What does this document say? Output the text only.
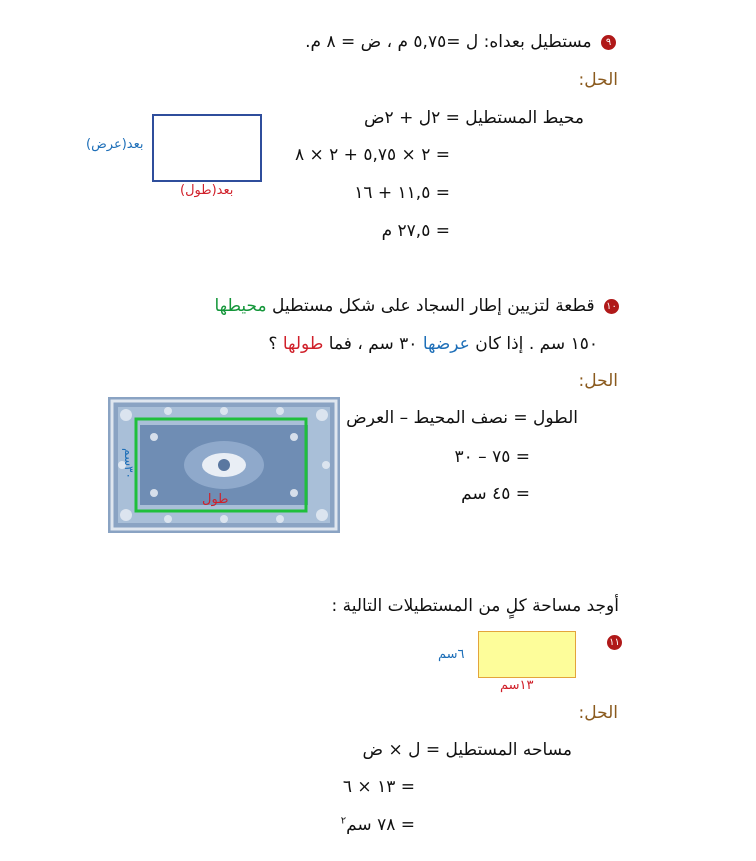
٩ مستطيل بعداه: ل =٥,٧٥ م ، ض = ٨ م.
الحل:
محيط المستطيل = ٢ل + ٢ض
= ٢ × ٥,٧٥ + ٢ × ٨
= ١١,٥ + ١٦
= ٢٧,٥ م
بعد(عرض)
بعد(طول)
١٠ قطعة لتزيين إطار السجاد على شكل مستطيل محيطها
١٥٠ سم . إذا كان عرضها ٣٠ سم ، فما طولها ؟
الحل:
الطول = نصف المحيط – العرض
= ٧٥ – ٣٠
= ٤٥ سم
٣٠سم
طول
أوجد مساحة كلٍ من المستطيلات التالية :
١١
٦سم
١٣سم
الحل:
مساحه المستطيل = ل × ض
= ١٣ × ٦
= ٧٨ سم$^٢$
